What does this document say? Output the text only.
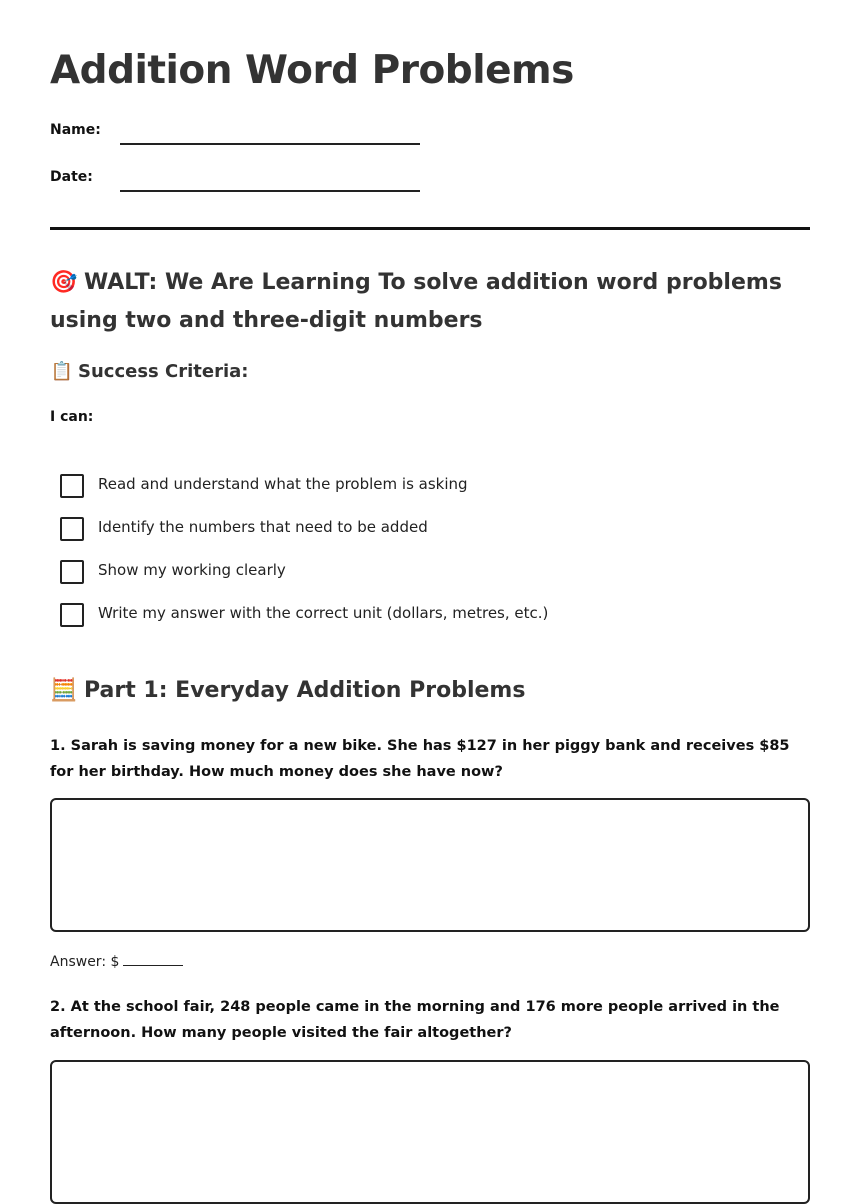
Addition Word Problems
Name:
Date:
🎯 WALT: We Are Learning To solve addition word problems using two and three-digit numbers
📋 Success Criteria:
I can:
Read and understand what the problem is asking
Identify the numbers that need to be added
Show my working clearly
Write my answer with the correct unit (dollars, metres, etc.)
🧮 Part 1: Everyday Addition Problems

1. Sarah is saving money for a new bike. She has $127 in her piggy bank and receives $85 for her birthday. How much money does she have now?

Answer: $

2. At the school fair, 248 people came in the morning and 176 more people arrived in the afternoon. How many people visited the fair altogether?
